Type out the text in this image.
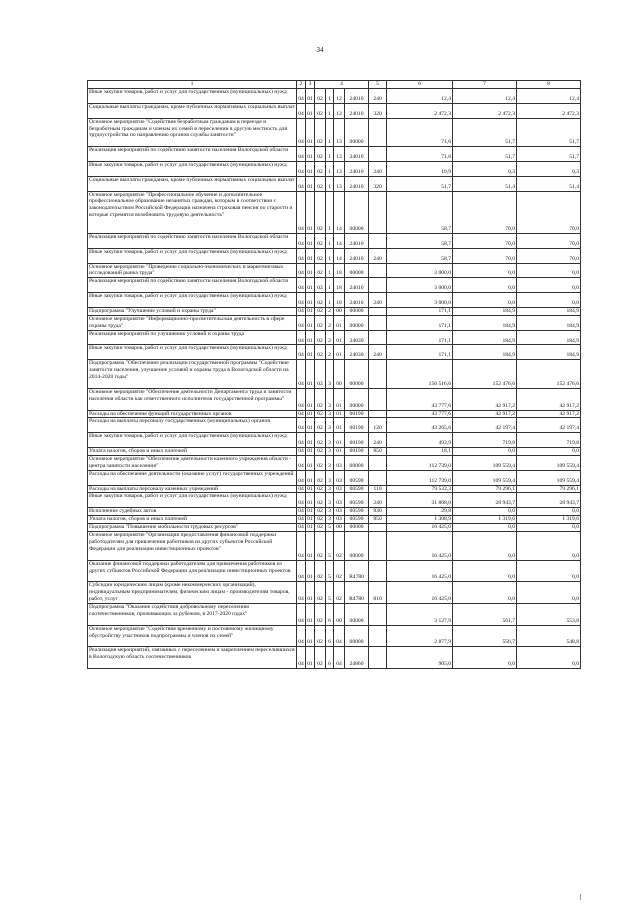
34
1	2	3	4				5	6	7	8
Иные закупки товаров, работ и услуг для государственных (муниципальных) нужд	04	01	02	1	12	24010	240	12,4	12,4	12,4
Социальные выплаты гражданам, кроме публичных нормативных социальных выплат	04	01	02	1	12	24010	320	2 472,3	2 472,3	2 472,3
Основное мероприятие "Содействие безработным гражданам в переезде и безработным гражданам и членам их семей в переселении в другую местность для трудоустройства по направлению органов службы занятости"	04	01	02	1	13	00000		71,6	51,7	51,7
Реализация мероприятий по содействию занятости населения Вологодской области	04	01	02	1	13	24010		71,6	51,7	51,7
Иные закупки товаров, работ и услуг для государственных (муниципальных) нужд	04	01	02	1	13	24010	240	19,9	0,3	0,3
Социальные выплаты гражданам, кроме публичных нормативных социальных выплат	04	01	02	1	13	24010	320	51,7	51,4	51,4
Основное мероприятие "Профессиональное обучение и дополнительное профессиональное образование незанятых граждан, которым в соответствии с законодательством Российской Федерации назначена страховая пенсия по старости и которые стремятся возобновить трудовую деятельность"	04	01	02	1	14	00000		58,7	70,0	70,0
Реализация мероприятий по содействию занятости населения Вологодской области	04	01	02	1	14	24010		58,7	70,0	70,0
Иные закупки товаров, работ и услуг для государственных (муниципальных) нужд	04	01	02	1	14	24010	240	58,7	70,0	70,0
Основное мероприятие "Проведение социально-экономических и маркетинговых исследований рынка труда"	04	01	02	1	18	00000		3 000,0	0,0	0,0
Реализация мероприятий по содействию занятости населения Вологодской области	04	01	02	1	18	24010		3 000,0	0,0	0,0
Иные закупки товаров, работ и услуг для государственных (муниципальных) нужд	04	01	02	1	18	24010	240	3 000,0	0,0	0,0
Подпрограмма "Улучшение условий и охраны труда"	04	01	02	2	00	00000		171,1	184,9	184,9
Основное мероприятие "Информационно-просветительская деятельность в сфере охраны труда"	04	01	02	2	01	00000		171,1	184,9	184,9
Реализация мероприятий по улучшению условий и охраны труда	04	01	02	2	01	24030		171,1	184,9	184,9
Иные закупки товаров, работ и услуг для государственных (муниципальных) нужд	04	01	02	2	01	24030	240	171,1	184,9	184,9
Подпрограмма "Обеспечение реализации государственной программы "Содействие занятости населения, улучшение условий и охраны труда в Вологодской области на 2014-2020 годы"	04	01	02	3	00	00000		156 516,6	152 476,6	152 476,6
Основное мероприятие "Обеспечение деятельности Департамента труда и занятости населения области как ответственного исполнителя государственной программы"	04	01	02	3	01	00000		43 777,6	42 917,2	42 917,2
Расходы на обеспечение функций государственных органов	04	01	02	3	01	00190		43 777,6	42 917,2	42 917,2
Расходы на выплаты персоналу государственных (муниципальных) органов	04	01	02	3	01	00190	120	43 265,6	42 197,4	42 197,4
Иные закупки товаров, работ и услуг для государственных (муниципальных) нужд	04	01	02	3	01	00190	240	493,9	719,8	719,8
Уплата налогов, сборов и иных платежей	04	01	02	3	01	00190	850	18,1	0,0	0,0
Основное мероприятие "Обеспечение деятельности казенного учреждения области - центра занятости населения"	04	01	02	3	03	00000		112 739,0	109 559,4	109 559,4
Расходы на обеспечение деятельности (оказание услуг) государственных учреждений	04	01	02	3	03	00590		112 739,0	109 559,4	109 559,4
Расходы на выплаты персоналу казенных учреждений	04	01	02	3	03	00590	110	79 532,3	79 296,1	79 296,1
Иные закупки товаров, работ и услуг для государственных (муниципальных) нужд	04	01	02	3	03	00590	240	31 868,0	28 943,7	28 943,7
Исполнение судебных актов	04	01	02	3	03	00590	830	29,8	0,0	0,0
Уплата налогов, сборов и иных платежей	04	01	02	3	03	00590	850	1 308,9	1 319,6	1 319,6
Подпрограмма "Повышение мобильности трудовых ресурсов"	04	01	02	5	00	00000		16 425,0	0,0	0,0
Основное мероприятие "Организация предоставления финансовой поддержки работодателям для привлечения работников из других субъектов Российской Федерации для реализации инвестиционных проектов"	04	01	02	5	02	00000		16 425,0	0,0	0,0
Оказание финансовой поддержки работодателям для привлечения работников из других субъектов Российской Федерации для реализации инвестиционных проектов	04	01	02	5	02	R4780		16 425,0	0,0	0,0
Субсидии юридическим лицам (кроме некоммерческих организаций), индивидуальным предпринимателям, физическим лицам - производителям товаров, работ, услуг	04	01	02	5	02	R4780	810	16 425,0	0,0	0,0
Подпрограмма "Оказание содействия добровольному переселению соотечественников, проживающих за рубежом, в 2017-2020 годах"	04	01	02	6	00	00000		3 127,9	561,7	553,8
Основное мероприятие "Содействие временному и постоянному жилищному обустройству участников подпрограммы и членов их семей"	04	01	02	6	04	00000		2 877,9	556,7	548,8
Реализация мероприятий, связанных с переселением и закреплением переселившихся в Вологодскую область соотечественников	04	01	02	6	04	24860		905,0	0,0	0,0
